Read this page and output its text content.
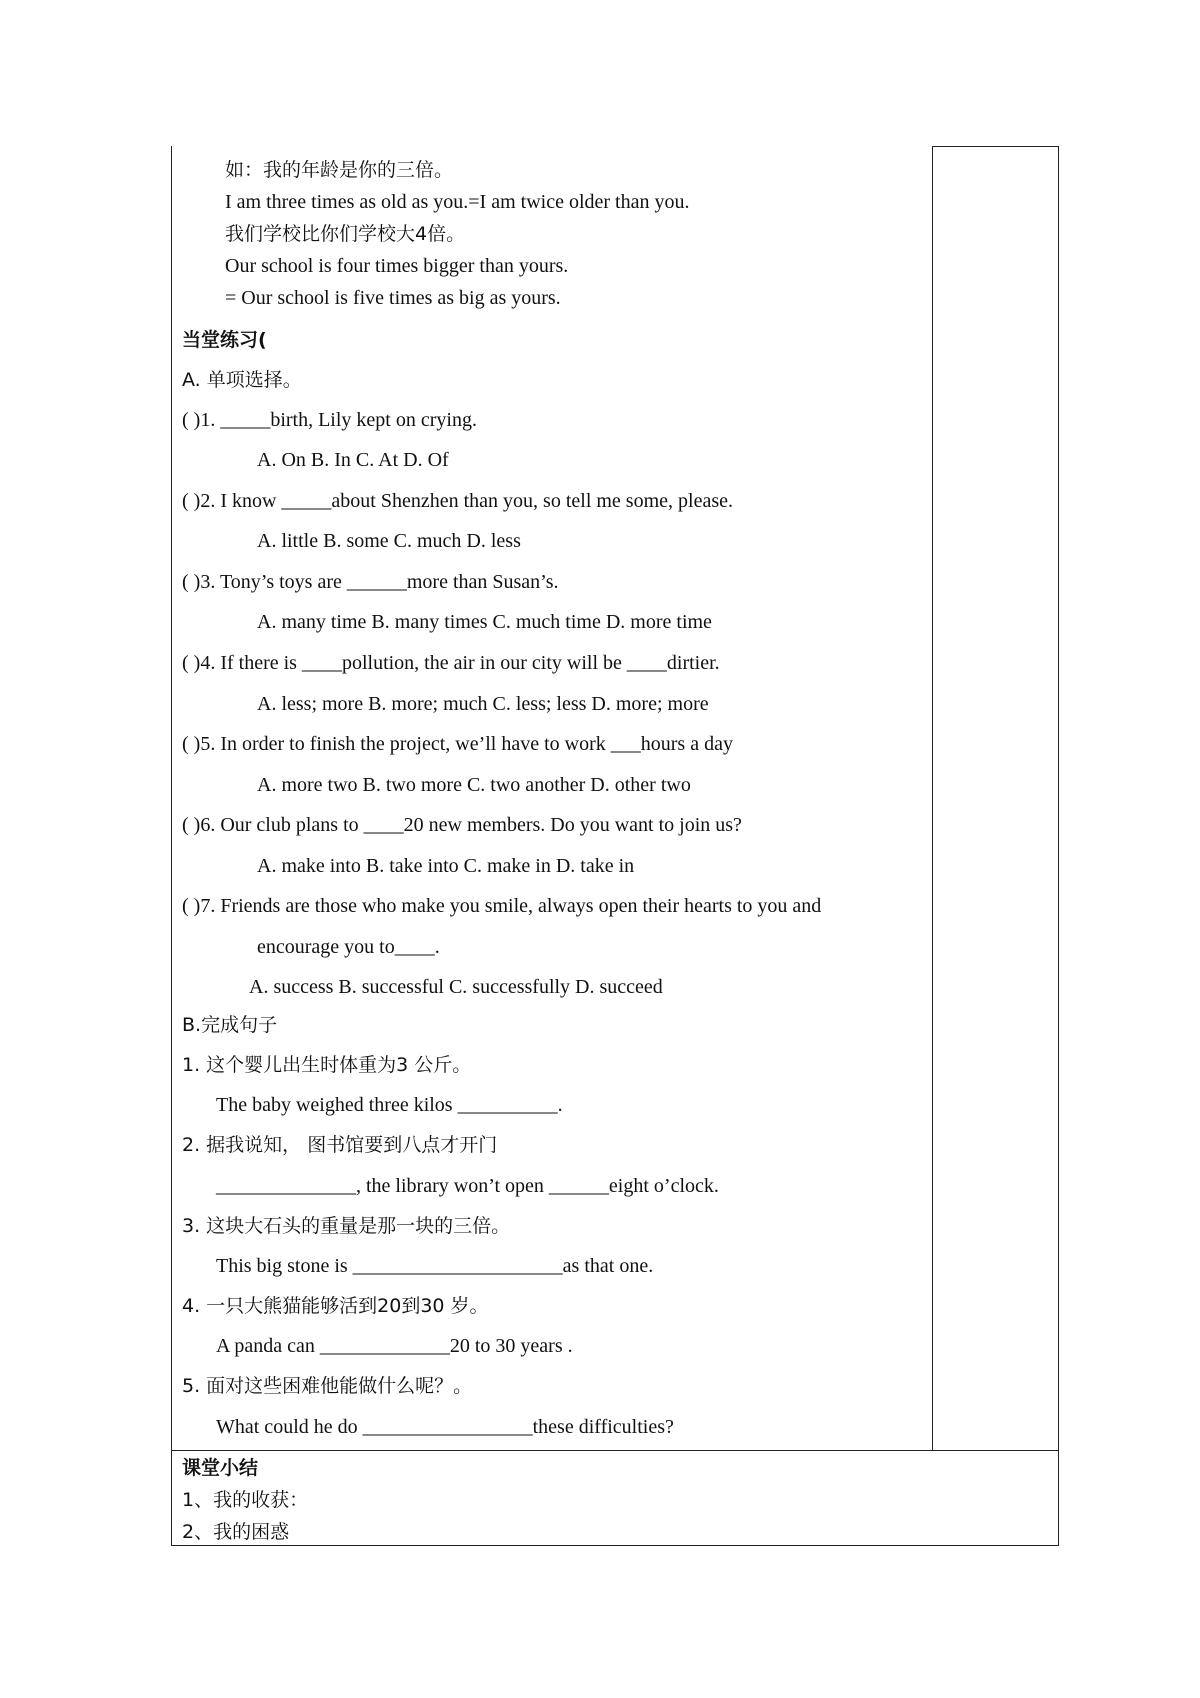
如：我的年龄是你的三倍。
I am three times as old as you.=I am twice older than you.
我们学校比你们学校大4倍。
Our school is four times bigger than yours.
= Our school is five times as big as yours.
当堂练习(
A. 单项选择。
( )1. _____birth, Lily kept on crying.
A. On B. In C. At D. Of
( )2. I know _____about Shenzhen than you, so tell me some, please.
A. little B. some C. much D. less
( )3. Tony’s toys are ______more than Susan’s.
A. many time B. many times C. much time D. more time
( )4. If there is ____pollution, the air in our city will be ____dirtier.
A. less; more B. more; much C. less; less D. more; more
( )5. In order to finish the project, we’ll have to work ___hours a day
A. more two B. two more C. two another D. other two
( )6. Our club plans to ____20 new members. Do you want to join us?
A. make into B. take into C. make in D. take in
( )7. Friends are those who make you smile, always open their hearts to you and
encourage you to____.
A. success B. successful C. successfully D. succeed
B.完成句子
1. 这个婴儿出生时体重为3 公斤。
The baby weighed three kilos __________.
2. 据我说知， 图书馆要到八点才开门
______________, the library won’t open ______eight o’clock.
3. 这块大石头的重量是那一块的三倍。
This big stone is _____________________as that one.
4. 一只大熊猫能够活到20到30 岁。
A panda can _____________20 to 30 years .
5. 面对这些困难他能做什么呢？。
What could he do _________________these difficulties?
课堂小结
1、我的收获：
2、我的困惑
